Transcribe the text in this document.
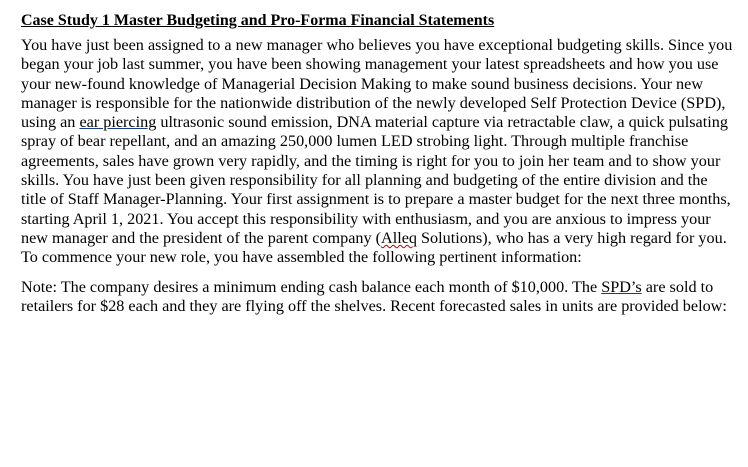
Case Study 1 Master Budgeting and Pro-Forma Financial Statements

You have just been assigned to a new manager who believes you have exceptional budgeting skills. Since you began your job last summer, you have been showing management your latest spreadsheets and how you use your new-found knowledge of Managerial Decision Making to make sound business decisions. Your new manager is responsible for the nationwide distribution of the newly developed Self Protection Device (SPD), using an ear piercing ultrasonic sound emission, DNA material capture via retractable claw, a quick pulsating spray of bear repellant, and an amazing 250,000 lumen LED strobing light. Through multiple franchise agreements, sales have grown very rapidly, and the timing is right for you to join her team and to show your skills. You have just been given responsibility for all planning and budgeting of the entire division and the title of Staff Manager-Planning. Your first assignment is to prepare a master budget for the next three months, starting April 1, 2021. You accept this responsibility with enthusiasm, and you are anxious to impress your new manager and the president of the parent company (Alleq Solutions), who has a very high regard for you. To commence your new role, you have assembled the following pertinent information:

Note: The company desires a minimum ending cash balance each month of $10,000. The SPD’s are sold to retailers for $28 each and they are flying off the shelves. Recent forecasted sales in units are provided below:
